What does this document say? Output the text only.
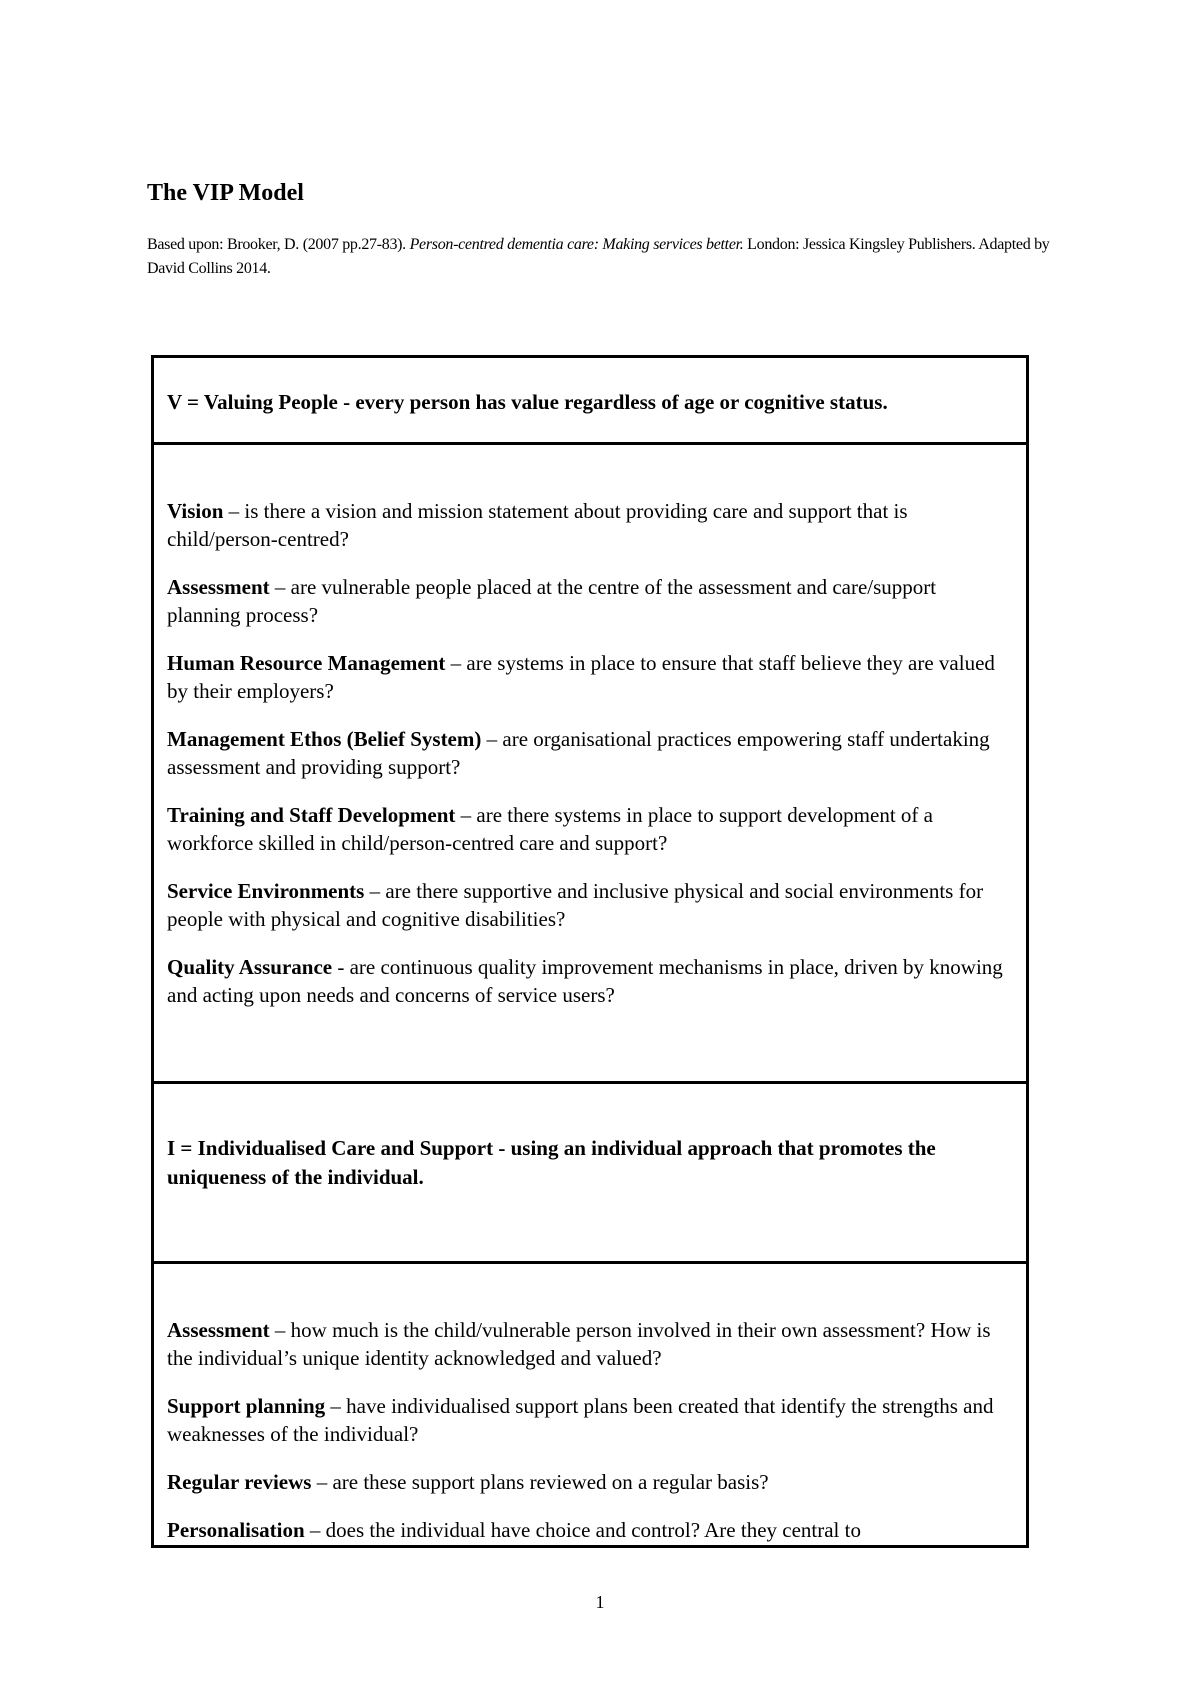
The VIP Model

Based upon: Brooker, D. (2007 pp.27-83). Person-centred dementia care: Making services better. London: Jessica Kingsley Publishers. Adapted by David Collins 2014.

V = Valuing People - every person has value regardless of age or cognitive status.

Vision – is there a vision and mission statement about providing care and support that is child/person-centred?
Assessment – are vulnerable people placed at the centre of the assessment and care/support planning process?
Human Resource Management – are systems in place to ensure that staff believe they are valued by their employers?
Management Ethos (Belief System) – are organisational practices empowering staff undertaking assessment and providing support?
Training and Staff Development – are there systems in place to support development of a workforce skilled in child/person-centred care and support?
Service Environments – are there supportive and inclusive physical and social environments for people with physical and cognitive disabilities?
Quality Assurance - are continuous quality improvement mechanisms in place, driven by knowing and acting upon needs and concerns of service users?

I = Individualised Care and Support - using an individual approach that promotes the uniqueness of the individual.

Assessment – how much is the child/vulnerable person involved in their own assessment? How is the individual’s unique identity acknowledged and valued?
Support planning – have individualised support plans been created that identify the strengths and weaknesses of the individual?
Regular reviews – are these support plans reviewed on a regular basis?
Personalisation – does the individual have choice and control? Are they central to
1
